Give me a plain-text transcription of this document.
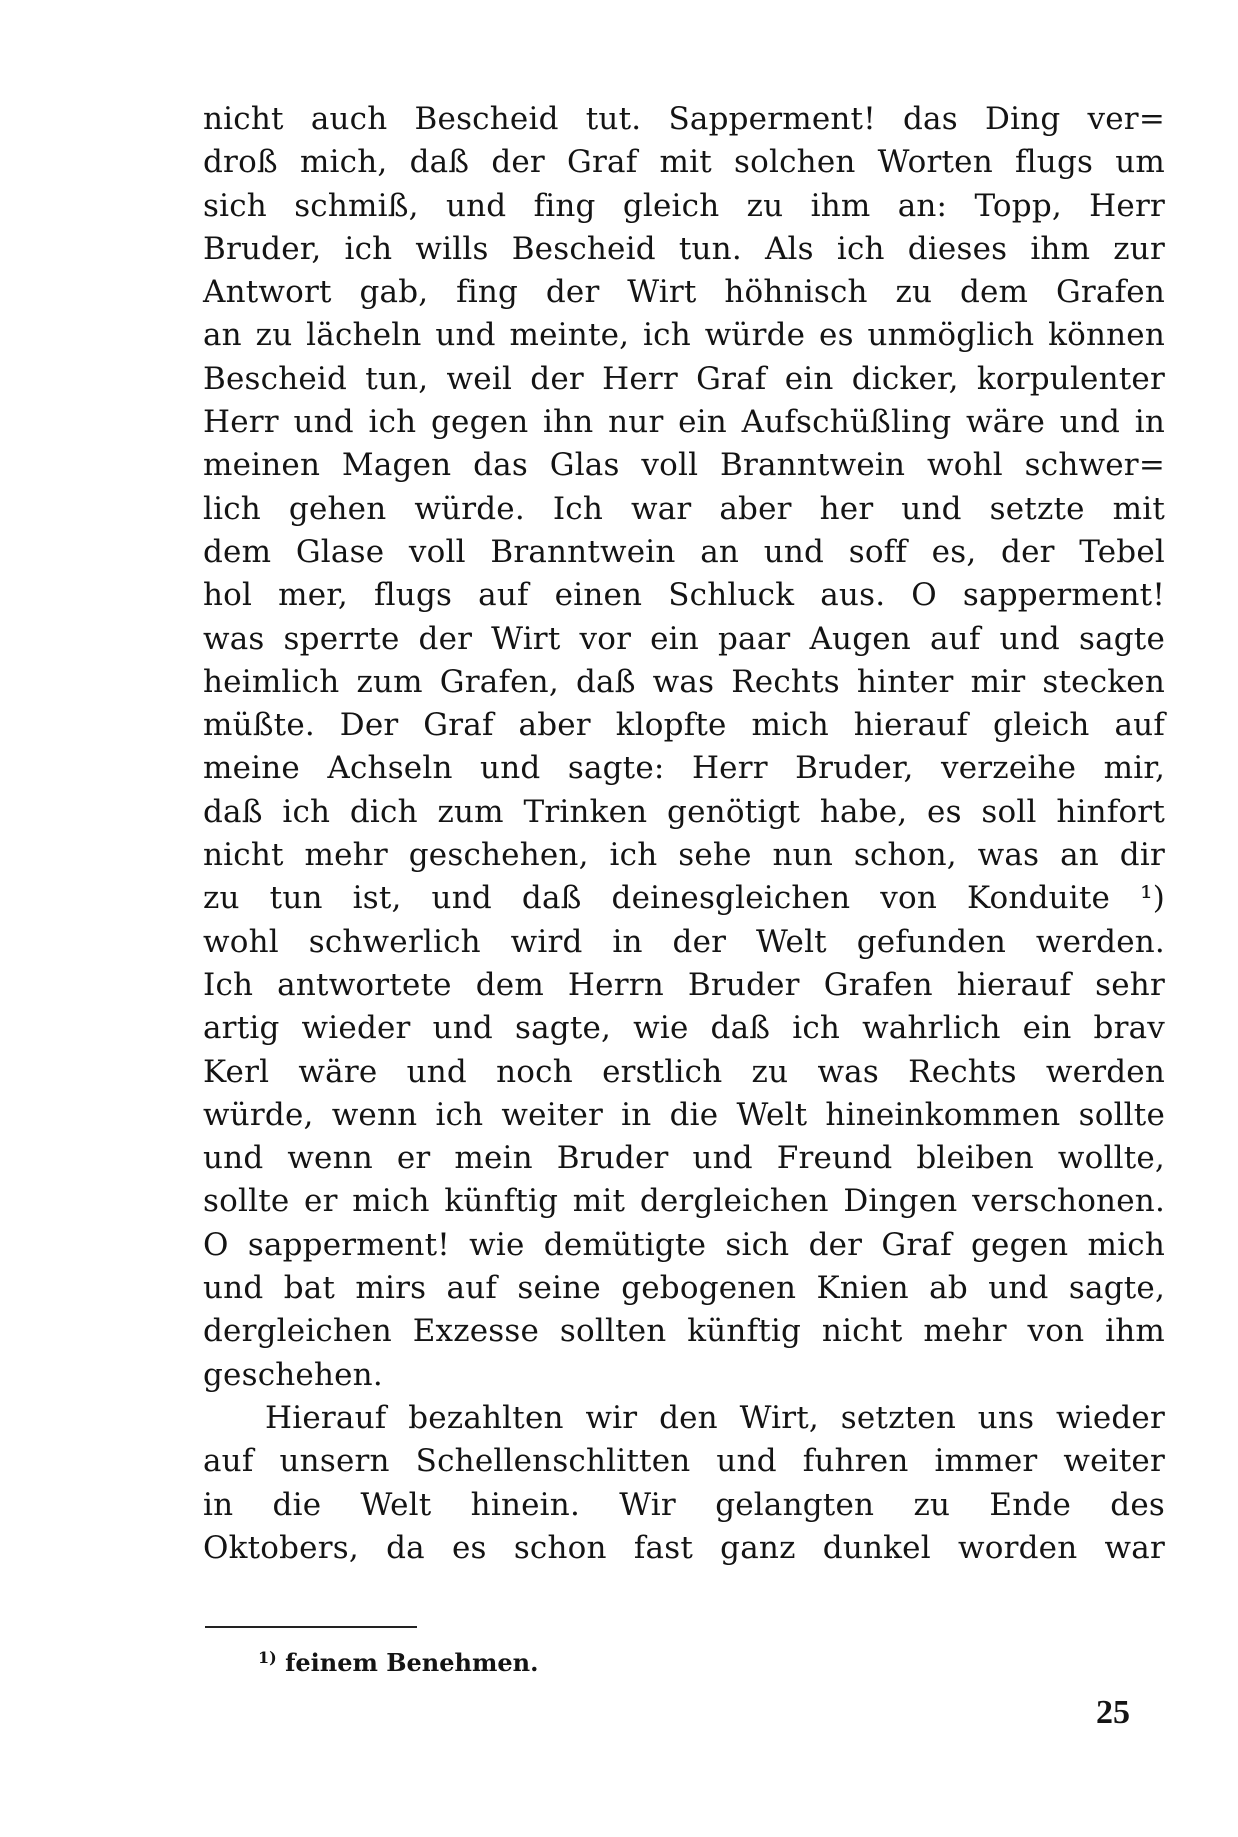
nicht auch Bescheid tut. Sapperment! das Ding ver=
droß mich, daß der Graf mit solchen Worten flugs um
sich schmiß, und fing gleich zu ihm an: Topp, Herr
Bruder, ich wills Bescheid tun. Als ich dieses ihm zur
Antwort gab, fing der Wirt höhnisch zu dem Grafen
an zu lächeln und meinte, ich würde es unmöglich können
Bescheid tun, weil der Herr Graf ein dicker, korpulenter
Herr und ich gegen ihn nur ein Aufschüßling wäre und in
meinen Magen das Glas voll Branntwein wohl schwer=
lich gehen würde. Ich war aber her und setzte mit
dem Glase voll Branntwein an und soff es, der Tebel
hol mer, flugs auf einen Schluck aus. O sapperment!
was sperrte der Wirt vor ein paar Augen auf und sagte
heimlich zum Grafen, daß was Rechts hinter mir stecken
müßte. Der Graf aber klopfte mich hierauf gleich auf
meine Achseln und sagte: Herr Bruder, verzeihe mir,
daß ich dich zum Trinken genötigt habe, es soll hinfort
nicht mehr geschehen, ich sehe nun schon, was an dir
zu tun ist, und daß deinesgleichen von Konduite ¹)
wohl schwerlich wird in der Welt gefunden werden.
Ich antwortete dem Herrn Bruder Grafen hierauf sehr
artig wieder und sagte, wie daß ich wahrlich ein brav
Kerl wäre und noch erstlich zu was Rechts werden
würde, wenn ich weiter in die Welt hineinkommen sollte
und wenn er mein Bruder und Freund bleiben wollte,
sollte er mich künftig mit dergleichen Dingen verschonen.
O sapperment! wie demütigte sich der Graf gegen mich
und bat mirs auf seine gebogenen Knien ab und sagte,
dergleichen Exzesse sollten künftig nicht mehr von ihm
geschehen.
Hierauf bezahlten wir den Wirt, setzten uns wieder
auf unsern Schellenschlitten und fuhren immer weiter
in die Welt hinein. Wir gelangten zu Ende des
Oktobers, da es schon fast ganz dunkel worden war
$^{1)}$ feinem Benehmen.
25
